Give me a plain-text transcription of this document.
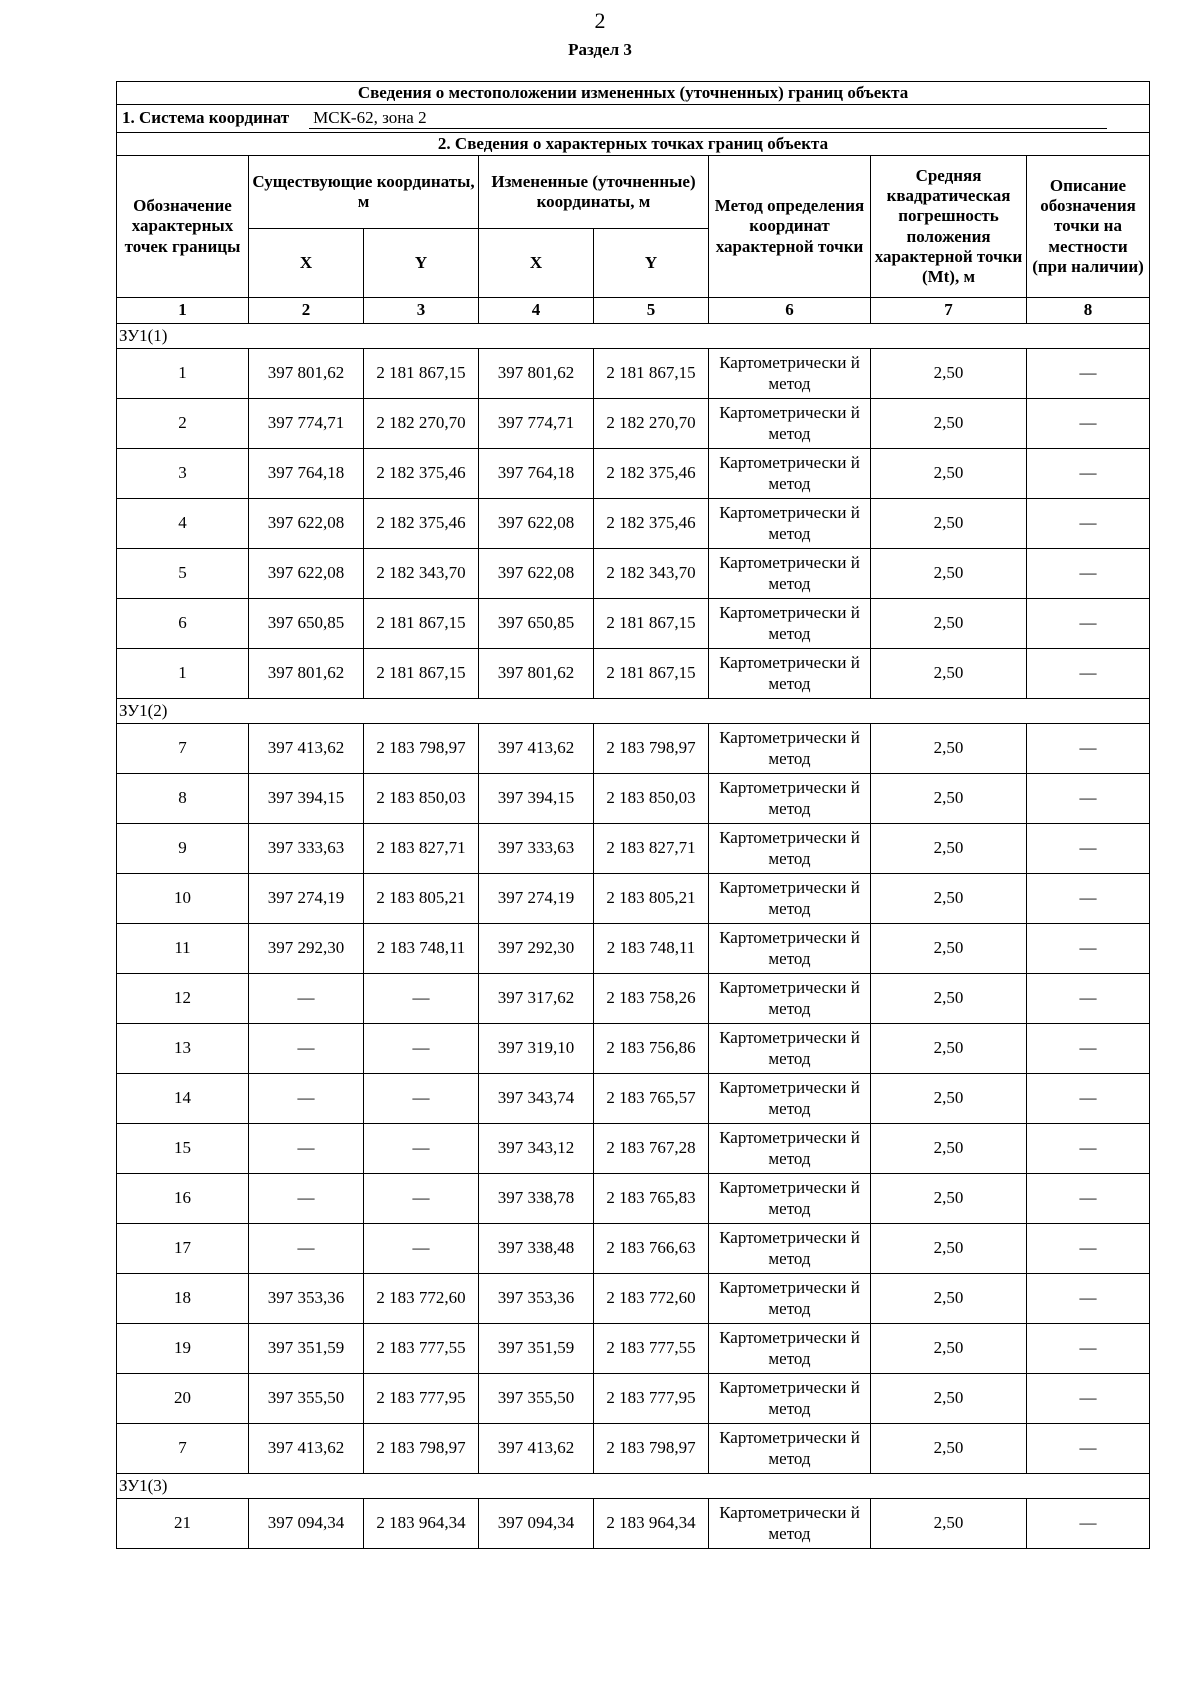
2
Раздел 3
Сведения о местоположении измененных (уточненных) границ объекта							
1. Система координат МСК-62, зона 2							
2. Сведения о характерных точках границ объекта							
Обозначение характерных точек границы	Существующие координаты, м		Измененные (уточненные) координаты, м		Метод определения координат характерной точки	Средняя квадратическая погрешность положения характерной точки (Mt), м	Описание обозначения точки на местности (при наличии)
	X	Y	X	Y			
1	2	3	4	5	6	7	8
ЗУ1(1)							
1	397 801,62	2 181 867,15	397 801,62	2 181 867,15	Картометрически й метод	2,50	—
2	397 774,71	2 182 270,70	397 774,71	2 182 270,70	Картометрически й метод	2,50	—
3	397 764,18	2 182 375,46	397 764,18	2 182 375,46	Картометрически й метод	2,50	—
4	397 622,08	2 182 375,46	397 622,08	2 182 375,46	Картометрически й метод	2,50	—
5	397 622,08	2 182 343,70	397 622,08	2 182 343,70	Картометрически й метод	2,50	—
6	397 650,85	2 181 867,15	397 650,85	2 181 867,15	Картометрически й метод	2,50	—
1	397 801,62	2 181 867,15	397 801,62	2 181 867,15	Картометрически й метод	2,50	—
ЗУ1(2)							
7	397 413,62	2 183 798,97	397 413,62	2 183 798,97	Картометрически й метод	2,50	—
8	397 394,15	2 183 850,03	397 394,15	2 183 850,03	Картометрически й метод	2,50	—
9	397 333,63	2 183 827,71	397 333,63	2 183 827,71	Картометрически й метод	2,50	—
10	397 274,19	2 183 805,21	397 274,19	2 183 805,21	Картометрически й метод	2,50	—
11	397 292,30	2 183 748,11	397 292,30	2 183 748,11	Картометрически й метод	2,50	—
12	—	—	397 317,62	2 183 758,26	Картометрически й метод	2,50	—
13	—	—	397 319,10	2 183 756,86	Картометрически й метод	2,50	—
14	—	—	397 343,74	2 183 765,57	Картометрически й метод	2,50	—
15	—	—	397 343,12	2 183 767,28	Картометрически й метод	2,50	—
16	—	—	397 338,78	2 183 765,83	Картометрически й метод	2,50	—
17	—	—	397 338,48	2 183 766,63	Картометрически й метод	2,50	—
18	397 353,36	2 183 772,60	397 353,36	2 183 772,60	Картометрически й метод	2,50	—
19	397 351,59	2 183 777,55	397 351,59	2 183 777,55	Картометрически й метод	2,50	—
20	397 355,50	2 183 777,95	397 355,50	2 183 777,95	Картометрически й метод	2,50	—
7	397 413,62	2 183 798,97	397 413,62	2 183 798,97	Картометрически й метод	2,50	—
ЗУ1(3)							
21	397 094,34	2 183 964,34	397 094,34	2 183 964,34	Картометрически й метод	2,50	—
